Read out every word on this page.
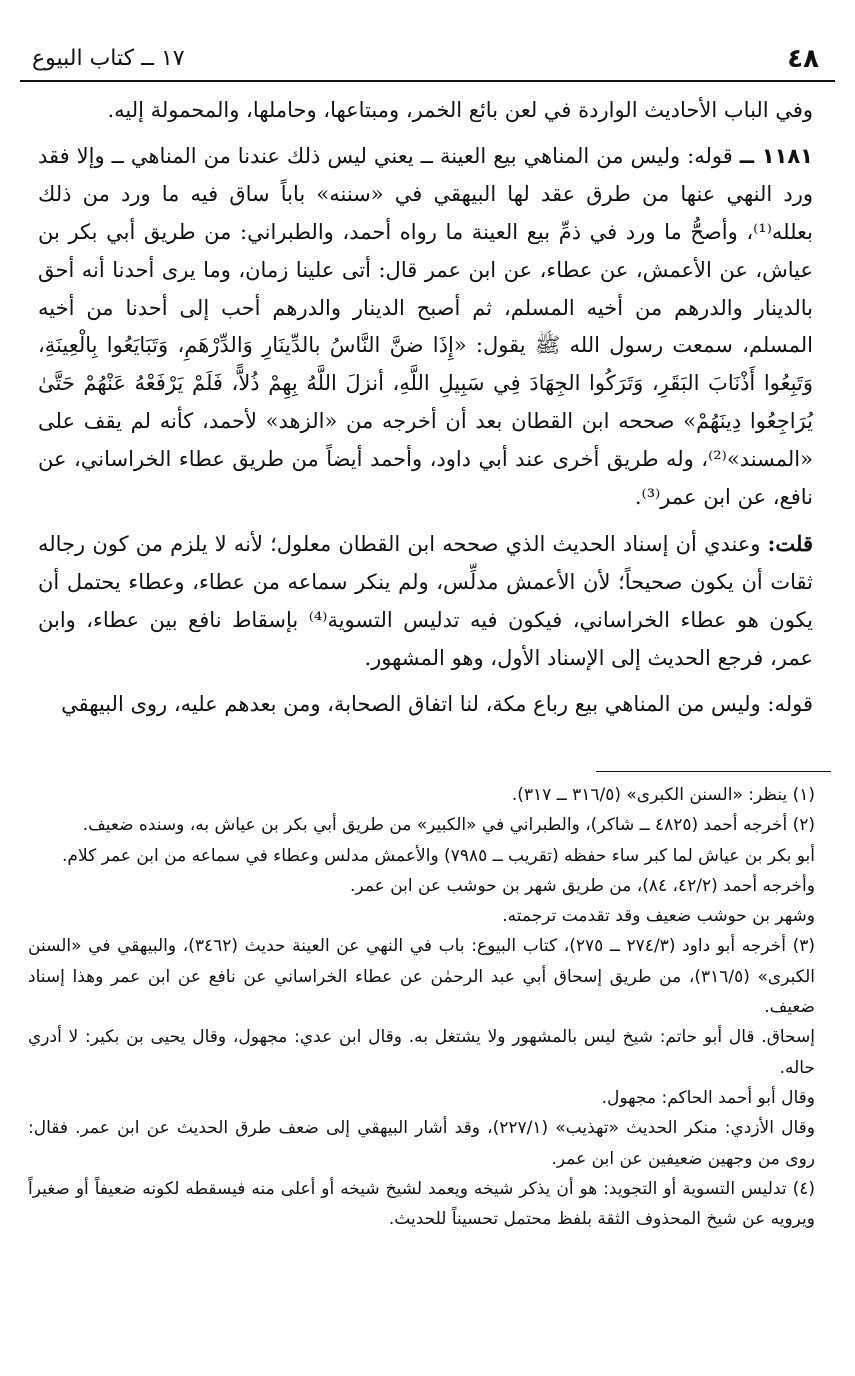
٤٨
١٧ ــ كتاب البيوع

وفي الباب الأحاديث الواردة في لعن بائع الخمر، ومبتاعها، وحاملها، والمحمولة إليه.

١١٨١ ــ قوله: وليس من المناهي بيع العينة ــ يعني ليس ذلك عندنا من المناهي ــ وإلا فقد ورد النهي عنها من طرق عقد لها البيهقي في «سننه» باباً ساق فيه ما ورد من ذلك بعلله⁽¹⁾، وأصحُّ ما ورد في ذمِّ بيع العينة ما رواه أحمد، والطبراني: من طريق أبي بكر بن عياش، عن الأعمش، عن عطاء، عن ابن عمر قال: أتى علينا زمان، وما يرى أحدنا أنه أحق بالدينار والدرهم من أخيه المسلم، ثم أصبح الدينار والدرهم أحب إلى أحدنا من أخيه المسلم، سمعت رسول الله ﷺ يقول: «إِذَا ضنَّ النَّاسُ بالدِّينَارِ وَالدِّرْهَمِ، وَتَبَايَعُوا بِالْعِينَةِ، وَتَبِعُوا أَذْنَابَ البَقَرِ، وَتَرَكُوا الجِهَادَ فِي سَبِيلِ اللَّهِ، أنزلَ اللَّهُ بِهِمْ ذُلاًّ، فَلَمْ يَرْفَعْهُ عَنْهُمْ حَتَّىٰ يُرَاجِعُوا دِينَهُمْ» صححه ابن القطان بعد أن أخرجه من «الزهد» لأحمد، كأنه لم يقف على «المسند»⁽²⁾، وله طريق أخرى عند أبي داود، وأحمد أيضاً من طريق عطاء الخراساني، عن نافع، عن ابن عمر⁽³⁾.

قلت: وعندي أن إسناد الحديث الذي صححه ابن القطان معلول؛ لأنه لا يلزم من كون رجاله ثقات أن يكون صحيحاً؛ لأن الأعمش مدلِّس، ولم ينكر سماعه من عطاء، وعطاء يحتمل أن يكون هو عطاء الخراساني، فيكون فيه تدليس التسوية⁽⁴⁾ بإسقاط نافع بين عطاء، وابن عمر، فرجع الحديث إلى الإسناد الأول، وهو المشهور.

قوله: وليس من المناهي بيع رباع مكة، لنا اتفاق الصحابة، ومن بعدهم عليه، روى البيهقي

(١) ينظر: «السنن الكبرى» (٣١٦/٥ ــ ٣١٧).

(٢) أخرجه أحمد (٤٨٢٥ ــ شاكر)، والطبراني في «الكبير» من طريق أبي بكر بن عياش به، وسنده ضعيف.

أبو بكر بن عياش لما كبر ساء حفظه (تقريب ــ ٧٩٨٥) والأعمش مدلس وعطاء في سماعه من ابن عمر كلام.

وأخرجه أحمد (٤٢/٢، ٨٤)، من طريق شهر بن حوشب عن ابن عمر.

وشهر بن حوشب ضعيف وقد تقدمت ترجمته.

(٣) أخرجه أبو داود (٢٧٤/٣ ــ ٢٧٥)، كتاب البيوع: باب في النهي عن العينة حديث (٣٤٦٢)، والبيهقي في «السنن الكبرى» (٣١٦/٥)، من طريق إسحاق أبي عبد الرحمٰن عن عطاء الخراساني عن نافع عن ابن عمر وهذا إسناد ضعيف.

إسحاق. قال أبو حاتم: شيخ ليس بالمشهور ولا يشتغل به. وقال ابن عدي: مجهول، وقال يحيى بن بكير: لا أدري حاله.

وقال أبو أحمد الحاكم: مجهول.

وقال الأزدي: منكر الحديث «تهذيب» (٢٢٧/١)، وقد أشار البيهقي إلى ضعف طرق الحديث عن ابن عمر. فقال: روى من وجهين ضعيفين عن ابن عمر.

(٤) تدليس التسوية أو التجويد: هو أن يذكر شيخه ويعمد لشيخ شيخه أو أعلى منه فيسقطه لكونه ضعيفاً أو صغيراً ويرويه عن شيخ المحذوف الثقة بلفظ محتمل تحسيناً للحديث.
